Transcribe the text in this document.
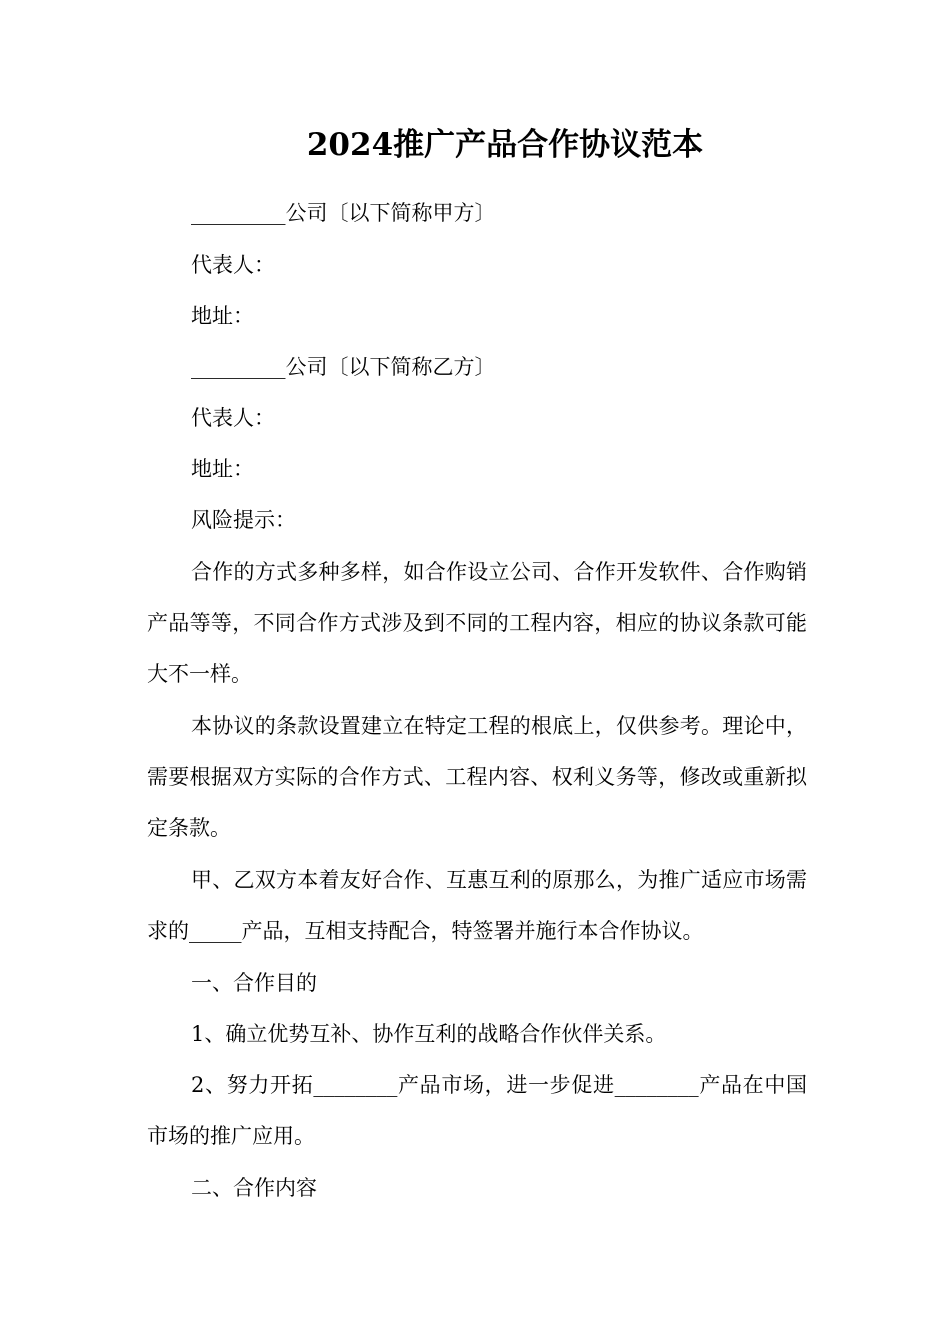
2024推广产品合作协议范本

_________公司〔以下简称甲方〕

代表人：

地址：

_________公司〔以下简称乙方〕

代表人：

地址：

风险提示：

合作的方式多种多样，如合作设立公司、合作开发软件、合作购销产品等等，不同合作方式涉及到不同的工程内容，相应的协议条款可能大不一样。

本协议的条款设置建立在特定工程的根底上，仅供参考。理论中，需要根据双方实际的合作方式、工程内容、权利义务等，修改或重新拟定条款。

甲、乙双方本着友好合作、互惠互利的原那么，为推广适应市场需求的_____产品，互相支持配合，特签署并施行本合作协议。

一、合作目的

1、确立优势互补、协作互利的战略合作伙伴关系。

2、努力开拓________产品市场，进一步促进________产品在中国市场的推广应用。

二、合作内容
